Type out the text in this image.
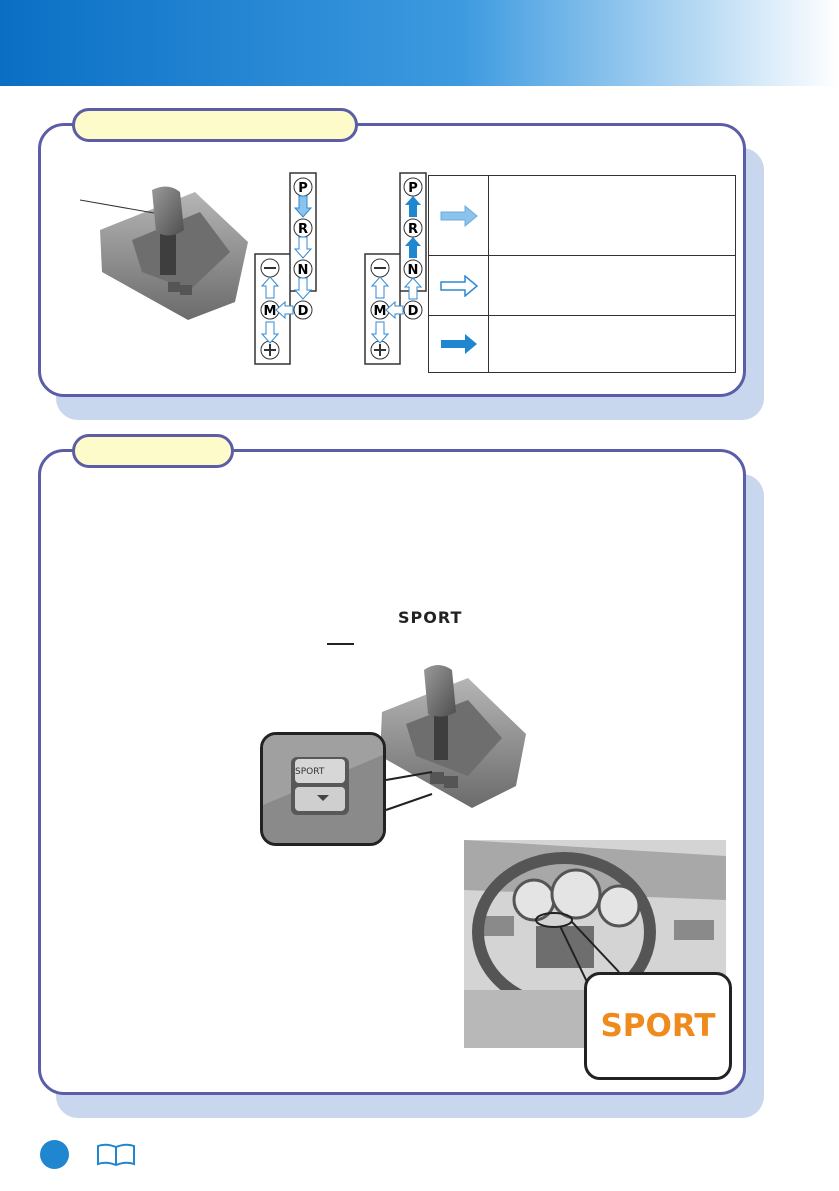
P
R
N
D
M
P
R
N
D
M
SPORT
SPORT
SPORT
